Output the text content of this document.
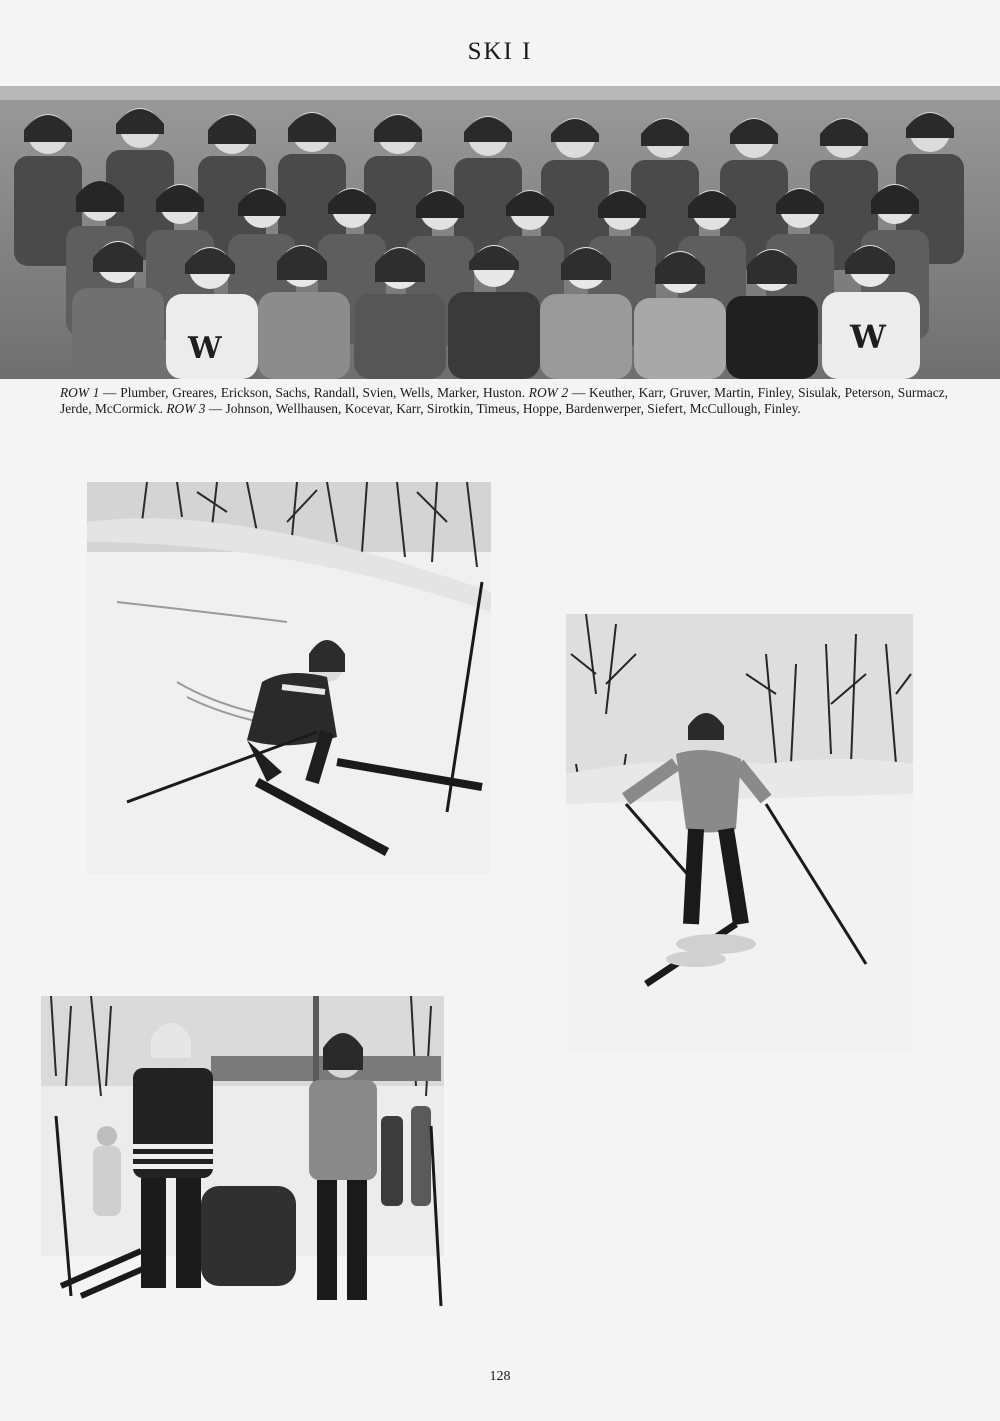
SKI I
W	W
ROW 1 — Plumber, Greares, Erickson, Sachs, Randall, Svien, Wells, Marker, Huston. ROW 2 — Keuther, Karr, Gruver, Martin, Finley, Sisulak, Peterson, Surmacz, Jerde, McCormick. ROW 3 — Johnson, Wellhausen, Kocevar, Karr, Sirotkin, Timeus, Hoppe, Bardenwerper, Siefert, McCullough, Finley.
128
